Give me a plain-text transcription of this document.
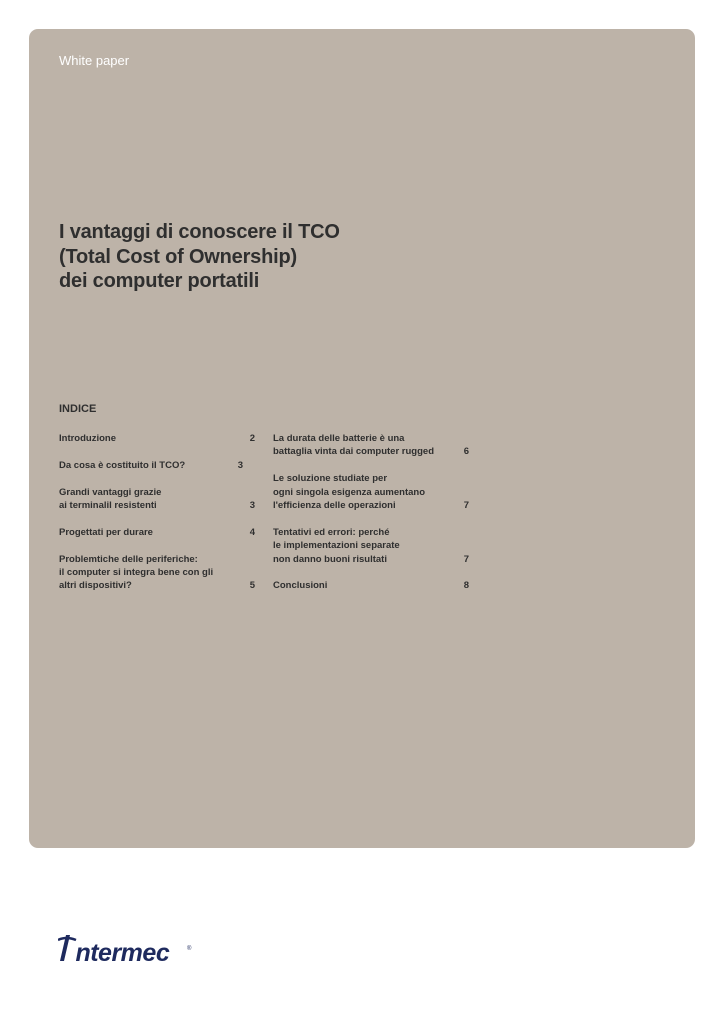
White paper
I vantaggi di conoscere il TCO
(Total Cost of Ownership)
dei computer portatili
INDICE
Introduzione	2
Da cosa è costituito il TCO?	3
Grandi vantaggi grazie
ai terminalil resistenti	3
Progettati per durare	4
Problemtiche delle periferiche:
il computer si integra bene con gli
altri dispositivi?	5
La durata delle batterie è una
battaglia vinta dai computer rugged	6
Le soluzione studiate per
ogni singola esigenza aumentano
l'efficienza delle operazioni	7
Tentativi ed errori: perché
le implementazioni separate
non danno buoni risultati	7
Conclusioni	8
Intermec	®
